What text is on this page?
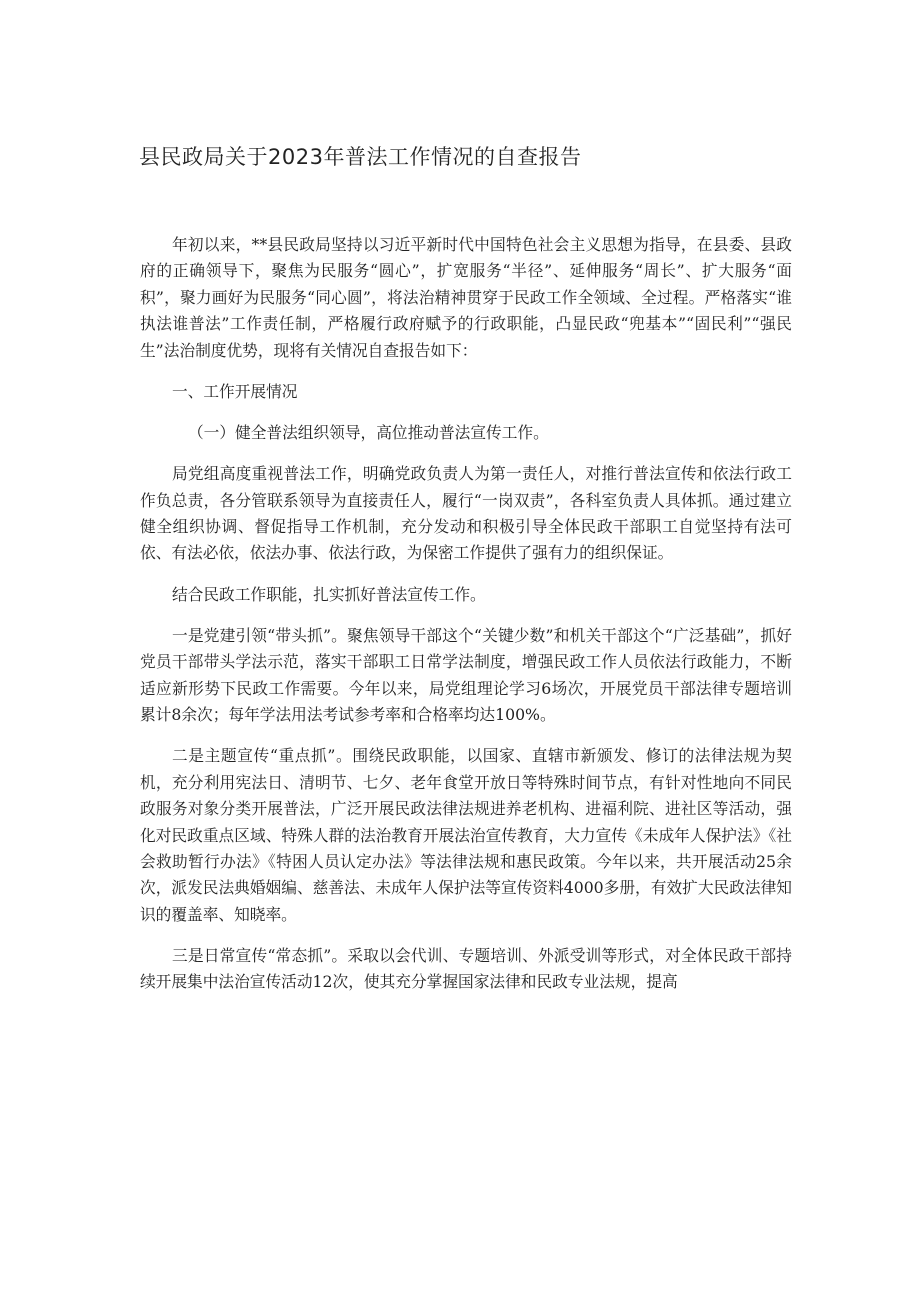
县民政局关于2023年普法工作情况的自查报告

年初以来，**县民政局坚持以习近平新时代中国特色社会主义思想为指导，在县委、县政府的正确领导下，聚焦为民服务“圆心”，扩宽服务“半径”、延伸服务“周长”、扩大服务“面积”，聚力画好为民服务“同心圆”，将法治精神贯穿于民政工作全领域、全过程。严格落实“谁执法谁普法”工作责任制，严格履行政府赋予的行政职能，凸显民政“兜基本”“固民利”“强民生”法治制度优势，现将有关情况自查报告如下：

一、工作开展情况

（一）健全普法组织领导，高位推动普法宣传工作。

局党组高度重视普法工作，明确党政负责人为第一责任人，对推行普法宣传和依法行政工作负总责，各分管联系领导为直接责任人，履行“一岗双责”，各科室负责人具体抓。通过建立健全组织协调、督促指导工作机制，充分发动和积极引导全体民政干部职工自觉坚持有法可依、有法必依，依法办事、依法行政，为保密工作提供了强有力的组织保证。

结合民政工作职能，扎实抓好普法宣传工作。

一是党建引领“带头抓”。聚焦领导干部这个“关键少数”和机关干部这个“广泛基础”，抓好党员干部带头学法示范，落实干部职工日常学法制度，增强民政工作人员依法行政能力，不断适应新形势下民政工作需要。今年以来，局党组理论学习6场次，开展党员干部法律专题培训累计8余次；每年学法用法考试参考率和合格率均达100%。

二是主题宣传“重点抓”。围绕民政职能，以国家、直辖市新颁发、修订的法律法规为契机，充分利用宪法日、清明节、七夕、老年食堂开放日等特殊时间节点，有针对性地向不同民政服务对象分类开展普法，广泛开展民政法律法规进养老机构、进福利院、进社区等活动，强化对民政重点区域、特殊人群的法治教育开展法治宣传教育，大力宣传《未成年人保护法》《社会救助暂行办法》《特困人员认定办法》等法律法规和惠民政策。今年以来，共开展活动25余次，派发民法典婚姻编、慈善法、未成年人保护法等宣传资料4000多册，有效扩大民政法律知识的覆盖率、知晓率。

三是日常宣传“常态抓”。采取以会代训、专题培训、外派受训等形式，对全体民政干部持续开展集中法治宣传活动12次，使其充分掌握国家法律和民政专业法规，提高
